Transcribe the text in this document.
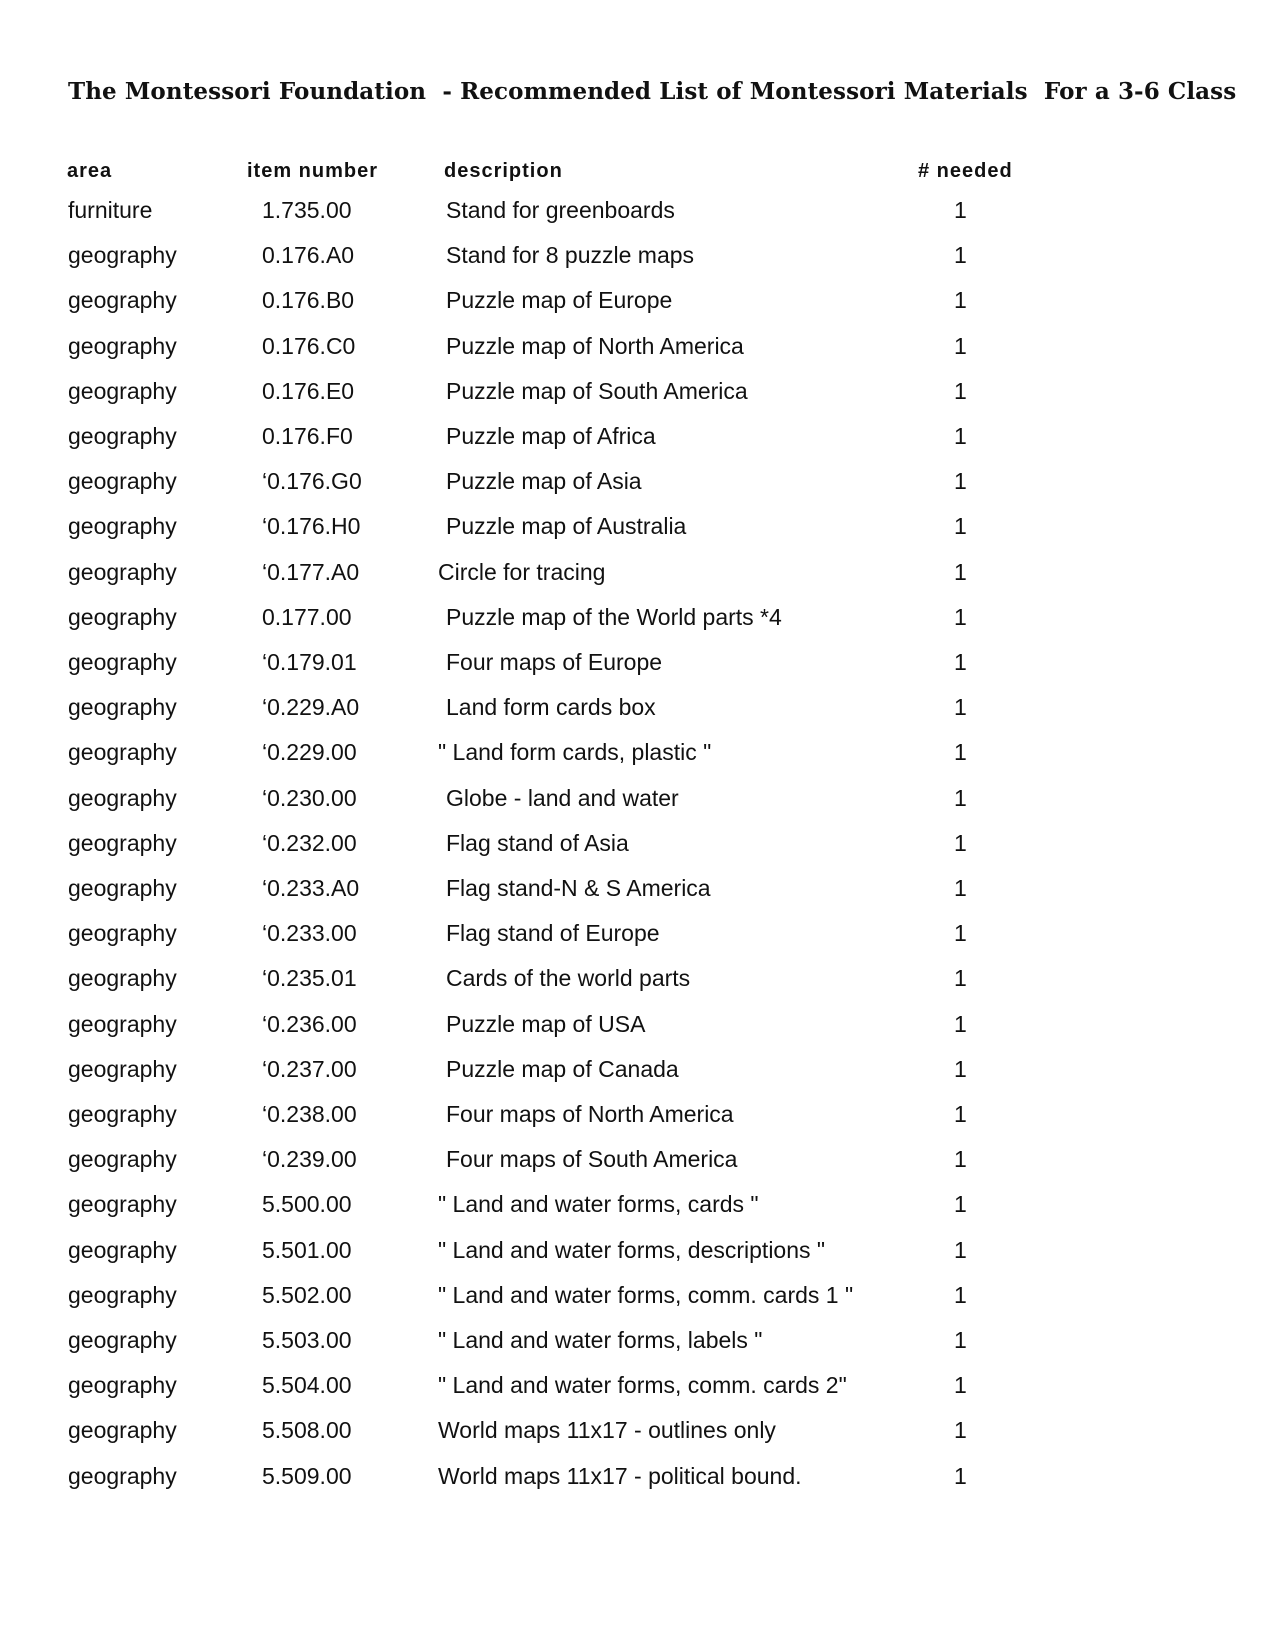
The Montessori Foundation  - Recommended List of Montessori Materials  For a 3-6 Class
area	item number	description	# needed
furniture	1.735.00	Stand for greenboards	1
geography	0.176.A0	Stand for 8 puzzle maps	1
geography	0.176.B0	Puzzle map of Europe	1
geography	0.176.C0	Puzzle map of North America	1
geography	0.176.E0	Puzzle map of South America	1
geography	0.176.F0	Puzzle map of Africa	1
geography	‘0.176.G0	Puzzle map of Asia	1
geography	‘0.176.H0	Puzzle map of Australia	1
geography	‘0.177.A0	Circle for tracing	1
geography	0.177.00	Puzzle map of the World parts *4	1
geography	‘0.179.01	Four maps of Europe	1
geography	‘0.229.A0	Land form cards box	1
geography	‘0.229.00	" Land form cards, plastic "	1
geography	‘0.230.00	Globe - land and water	1
geography	‘0.232.00	Flag stand of Asia	1
geography	‘0.233.A0	Flag stand-N & S America	1
geography	‘0.233.00	Flag stand of Europe	1
geography	‘0.235.01	Cards of the world parts	1
geography	‘0.236.00	Puzzle map of USA	1
geography	‘0.237.00	Puzzle map of Canada	1
geography	‘0.238.00	Four maps of North America	1
geography	‘0.239.00	Four maps of South America	1
geography	5.500.00	" Land and water forms, cards "	1
geography	5.501.00	" Land and water forms, descriptions "	1
geography	5.502.00	" Land and water forms, comm. cards 1 "	1
geography	5.503.00	" Land and water forms, labels "	1
geography	5.504.00	" Land and water forms, comm. cards 2"	1
geography	5.508.00	World maps 11x17 - outlines only	1
geography	5.509.00	World maps 11x17 - political bound.	1
